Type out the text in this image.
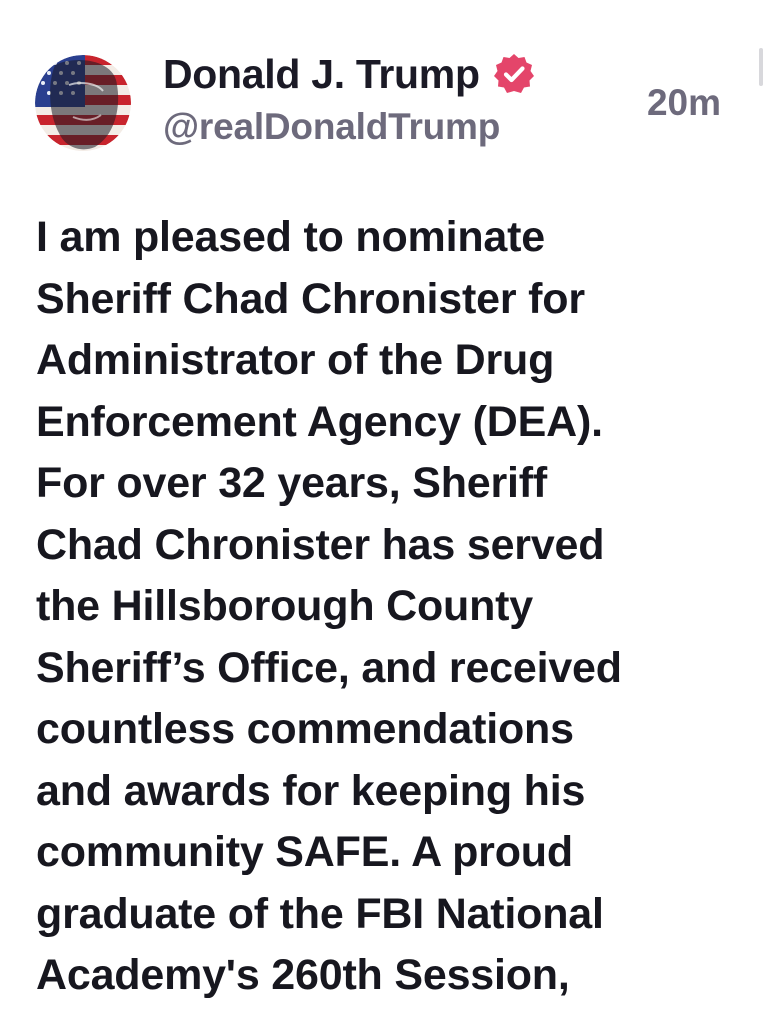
Donald J. Trump
@realDonaldTrump
20m
I am pleased to nominate
Sheriff Chad Chronister for
Administrator of the Drug
Enforcement Agency (DEA).
For over 32 years, Sheriff
Chad Chronister has served
the Hillsborough County
Sheriff’s Office, and received
countless commendations
and awards for keeping his
community SAFE. A proud
graduate of the FBI National
Academy's 260th Session,
